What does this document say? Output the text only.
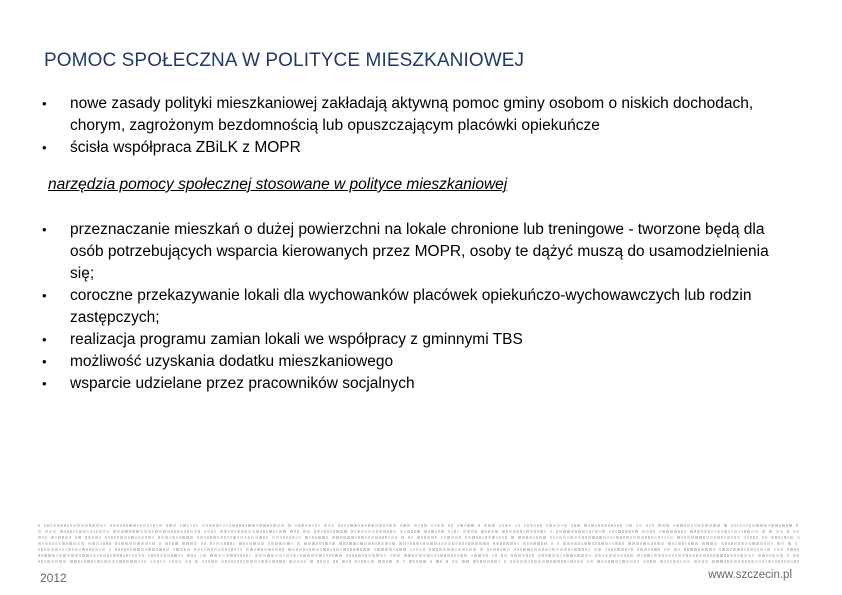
POMOC SPOŁECZNA W POLITYCE MIESZKANIOWEJ
• nowe zasady polityki mieszkaniowej zakładają aktywną pomoc gminy osobom o niskich dochodach, chorym, zagrożonym bezdomnością lub opuszczającym placówki opiekuńcze
• ścisła współpraca ZBiLK z MOPR
narzędzia pomocy społecznej stosowane w polityce mieszkaniowej
• przeznaczanie mieszkań o dużej powierzchni na lokale chronione lub treningowe - tworzone będą dla osób potrzebujących wsparcia kierowanych przez MOPR, osoby te dążyć muszą do usamodzielnienia się;
• coroczne przekazywanie lokali dla wychowanków placówek opiekuńczo-wychowawczych lub rodzin zastępczych;
• realizacja programu zamian lokali we współpracy z gminnymi TBS
• możliwość uzyskania dodatku mieszkaniowego
• wsparcie udzielane przez pracowników socjalnych
2012	www.szczecin.pl
